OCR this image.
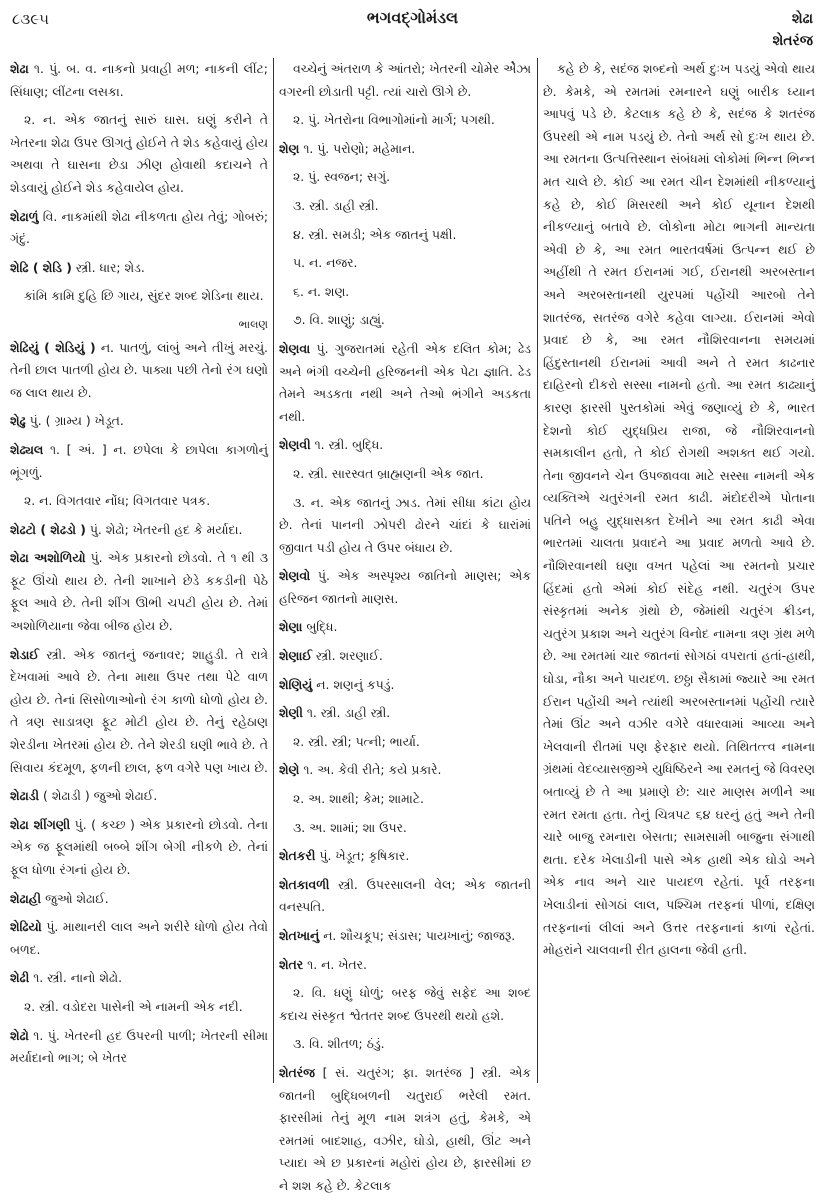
૮૩૯૫	ભગવદ્ગોમંડલ	શેઢા
શેતરંજ
શેઢા ૧. પું. બ. વ. નાકનો પ્રવાહી મળ; નાકની લીંટ; સિંધાણ; લીંટના લસકા.
૨. ન. એક જાતનું સારું ઘાસ. ઘણું કરીને તે ખેતરના શેઢા ઉપર ઊગતું હોઈને તે શેડ કહેવાયું હોય અથવા તે ઘાસના છેડા ઝીણ હોવાથી કદાચને તે શેડવાયું હોઈને શેડ કહેવાયેલ હોય.
શેઢાળું વિ. નાકમાંથી શેઢા નીકળતા હોય તેવું; ગોબરું; ગંદું.
શેઢિ ( શેડિ ) સ્ત્રી. ધાર; શેડ.
કાંમિ કામિ દુહિ છિ ગાય, સુંદર શબ્દ શેડિના થાય.
ભાલણ
શેઢિયું ( શેડિયું ) ન. પાતળું, લાંબું અને તીખું મરચું. તેની છાલ પાતળી હોય છે. પાક્યા પછી તેનો રંગ ઘણો જ લાલ થાય છે.
શેઢુ પું. ( ગ્રામ્ય ) ખેડૂત.
શેઢ્યલ ૧. [ અં. ] ન. છપેલા કે છાપેલા કાગળોનું ભૂંગળું.
૨. ન. વિગતવાર નોંધ; વિગતવાર પત્રક.
શેઢટો ( શેઢડો ) પું. શેઢો; ખેતરની હદ કે મર્યાદા.
શેઢા અશોળિયો પું. એક પ્રકારનો છોડવો. તે ૧ થી ૩ ફૂટ ઊંચો થાય છે. તેની શાખાને છેડે કકડીની પેઠે ફૂલ આવે છે. તેની શીંગ ઊભી ચપટી હોય છે. તેમાં અશોળિયાના જેવા બીજ હોય છે.
શેડાઈ સ્ત્રી. એક જાતનું જનાવર; શાહુડી. તે રાત્રે દેખવામાં આવે છે. તેના માથા ઉપર તથા પેટે વાળ હોય છે. તેનાં સિસોળાઓનો રંગ કાળો ધોળો હોય છે. તે ત્રણ સાડાત્રણ ફૂટ મોટી હોય છે. તેનું રહેઠાણ શેરડીના ખેતરમાં હોય છે. તેને શેરડી ઘણી ભાવે છે. તે સિવાય કંદમૂળ, ફળની છાલ, ફળ વગેરે પણ ખાય છે.
શેઢાડી ( શેઢાડી ) જુઓ શેઢાઈ.
શેઢા શીંગણી પું. ( કચ્છ ) એક પ્રકારનો છોડવો. તેના એક જ ફૂલમાંથી બબ્બે શીંગ બેગી નીકળે છે. તેનાં ફૂલ ધોળા રંગનાં હોય છે.
શેઢાહી જુઓ શેઢાઈ.
શેઢિયો પું. માથાનરી લાલ અને શરીરે ધોળો હોય તેવો બળદ.
શેઢી ૧. સ્ત્રી. નાનો શેઢો.
૨. સ્ત્રી. વડોદરા પાસેની એ નામની એક નદી.
શેઢો ૧. પું. ખેતરની હદ ઉપરની પાળી; ખેતરની સીમા મર્યાદાનો ભાગ; બે ખેતર
વચ્ચેનું અંતરાળ કે આંતરો; ખેતરની ચોમેર એેઝા વગરની છોડાતી પટ્ટી. ત્યાં ચારો ઊગે છે.
૨. પું. ખેતરોના વિભાગોમાંનો માર્ગ; પગથી.
શેણ ૧. પું. પરોણો; મહેમાન.
૨. પું. સ્વજન; સગું.
૩. સ્ત્રી. ડાહી સ્ત્રી.
૪. સ્ત્રી. સમડી; એક જાતનું પક્ષી.
૫. ન. નજર.
૬. ન. શણ.
૭. વિ. શાણું; ડાહ્યું.
શેણવા પું. ગુજરાતમાં રહેતી એક દલિત કોમ; ઢેડ અને ભંગી વચ્ચેની હરિજનની એક પેટા જ્ઞાતિ. ઢેડ તેમને અડકતા નથી અને તેઓ ભંગીને અડકતા નથી.
શેણવી ૧. સ્ત્રી. બુદ્ધિ.
૨. સ્ત્રી. સારસ્વત બ્રાહ્મણની એક જાત.
૩. ન. એક જાતનું ઝાડ. તેમાં સીધા કાંટા હોય છે. તેનાં પાનની ઝોપરી ઢોરને ચાંદાં કે ઘારાંમાં જીવાત પડી હોય તે ઉપર બંધાય છે.
શેણવો પું. એક અસ્પૃશ્ય જાતિનો માણસ; એક હરિજન જાતનો માણસ.
શેણા બુદ્ધિ.
શેણાઈ સ્ત્રી. શરણાઈ.
શેણિયું ન. શણનું કપડું.
શેણી ૧. સ્ત્રી. ડાહી સ્ત્રી.
૨. સ્ત્રી. સ્ત્રી; પત્ની; ભાર્યા.
શેણે ૧. અ. કેવી રીતે; કયે પ્રકારે.
૨. અ. શાથી; કેમ; શામાટે.
૩. અ. શામાં; શા ઉપર.
શેતકરી પું. ખેડૂત; કૃષિકાર.
શેતકાવળી સ્ત્રી. ઉપરસાલની વેલ; એક જાતની વનસ્પતિ.
શેતખાનું ન. શૌચકૂપ; સંડાસ; પાયખાનું; જાજરૂ.
શેતર ૧. ન. ખેતર.
૨. વિ. ધણું ધોળું; બરફ જેવું સફેદ આ શબ્દ કદાચ સંસ્કૃત શ્વેતતર શબ્દ ઉપરથી થયો હશે.
૩. વિ. શીતળ; ઠંડું.
શેતરંજ [ સં. ચતુરંગ; ફા. શતરંજ ] સ્ત્રી. એક જાતની બુદ્ધિબળની ચતુરાઈ ભરેલી રમત. ફારસીમાં તેનું મૂળ નામ શત્રંગ હતું, કેમકે, એ રમતમાં બાદશાહ, વઝીર, ઘોડો, હાથી, ઊંટ અને પ્યાદા એ છ પ્રકારનાં મહોરાં હોય છે, ફારસીમાં છ ને શશ કહે છે. કેટલાક
કહે છે કે, સદંજ શબ્દનો અર્થ દુઃખ પડયું એવો થાય છે. કેમકે, એ રમતમાં રમનારને ઘણું બારીક ધ્યાન આપવું પડે છે. કેટલાક કહે છે કે, સદંજ કે શતરંજ ઉપરથી એ નામ પડયું છે. તેનો અર્થ સો દુઃખ થાય છે. આ રમતના ઉત્પત્તિસ્થાન સંબંધમાં લોકોમાં ભિન્ન ભિન્ન મત ચાલે છે. કોઈ આ રમત ચીન દેશમાંથી નીકળ્યાનું કહે છે, કોઈ મિસરથી અને કોઈ યૂનાન દેશથી નીકળ્યાનું બતાવે છે. લોકોના મોટા ભાગની માન્યતા એવી છે કે, આ રમત ભારતવર્ષમાં ઉત્પન્ન થઈ છે અહીંથી તે રમત ઈરાનમાં ગઈ, ઈરાનથી અરબસ્તાન અને અરબસ્તાનથી યુરપમાં પહોંચી આરબો તેને શાતરંજ, સતરંજ વગેરે કહેવા લાગ્યા. ઈરાનમાં એવો પ્રવાદ છે કે, આ રમત નૌશિરવાનના સમયમાં હિંદુસ્તાનથી ઈરાનમાં આવી અને તે રમત કાઢનાર દાહિરનો દીકરો સસ્સા નામનો હતો. આ રમત કાઢ્યાનું કારણ ફારસી પુસ્તકોમાં એવું જણાવ્યું છે કે, ભારત દેશનો કોઈ યુદ્ધપ્રિય રાજા, જે નૌશિરવાનનો સમકાલીન હતો, તે કોઈ રોગથી અશક્ત થઈ ગયો. તેના જીવનને ચેન ઉપજાવવા માટે સસ્સા નામની એક વ્યક્તિએ ચતુરંગની રમત કાઢી. મંદોદરીએ પોતાના પતિને બહુ યુદ્ધાસક્ત દેખીને આ રમત કાઢી એવા ભારતમાં ચાલતા પ્રવાદને આ પ્રવાદ મળતો આવે છે. નૌશિરવાનથી ઘણા વખત પહેલાં આ રમતનો પ્રચાર હિંદમાં હતો એમાં કોઈ સંદેહ નથી. ચતુરંગ ઉપર સંસ્કૃતમાં અનેક ગ્રંથો છે, જેમાંથી ચતુરંગ ક્રીડન, ચતુરંગ પ્રકાશ અને ચતુરંગ વિનોદ નામના ત્રણ ગ્રંથ મળે છે. આ રમતમાં ચાર જાતનાં સોગઠાં વપરાતાં હતાં-હાથી, ઘોડા, નૌકા અને પાયદળ. છઠ્ઠા સૈકામાં જ્યારે આ રમત ઈરાન પહોંચી અને ત્યાંથી અરબસ્તાનમાં પહોંચી ત્યારે તેમાં ઊંટ અને વઝીર વગેરે વધારવામાં આવ્યા અને ખેલવાની રીતમાં પણ ફેરફાર થયો. તિથિતત્ત્વ નામના ગ્રંથમાં વેદવ્યાસજીએ યુધિષ્ઠિરને આ રમતનું જે વિવરણ બતાવ્યું છે તે આ પ્રમાણે છે: ચાર માણસ મળીને આ રમત રમતા હતા. તેનું ચિત્રપટ ૬૪ ઘરનું હતું અને તેની ચારે બાજુ રમનારા બેસતા; સામસામી બાજુના સંગાથી થતા. દરેક ખેલાડીની પાસે એક હાથી એક ઘોડો અને એક નાવ અને ચાર પાયદળ રહેતાં. પૂર્વ તરફના ખેલાડીનાં સોગઠાં લાલ, પશ્ચિમ તરફનાં પીળાં, દક્ષિણ તરફનાનાં લીલાં અને ઉત્તર તરફનાનાં કાળાં રહેતાં. મોહરાંને ચાલવાની રીત હાલના જેવી હતી.
